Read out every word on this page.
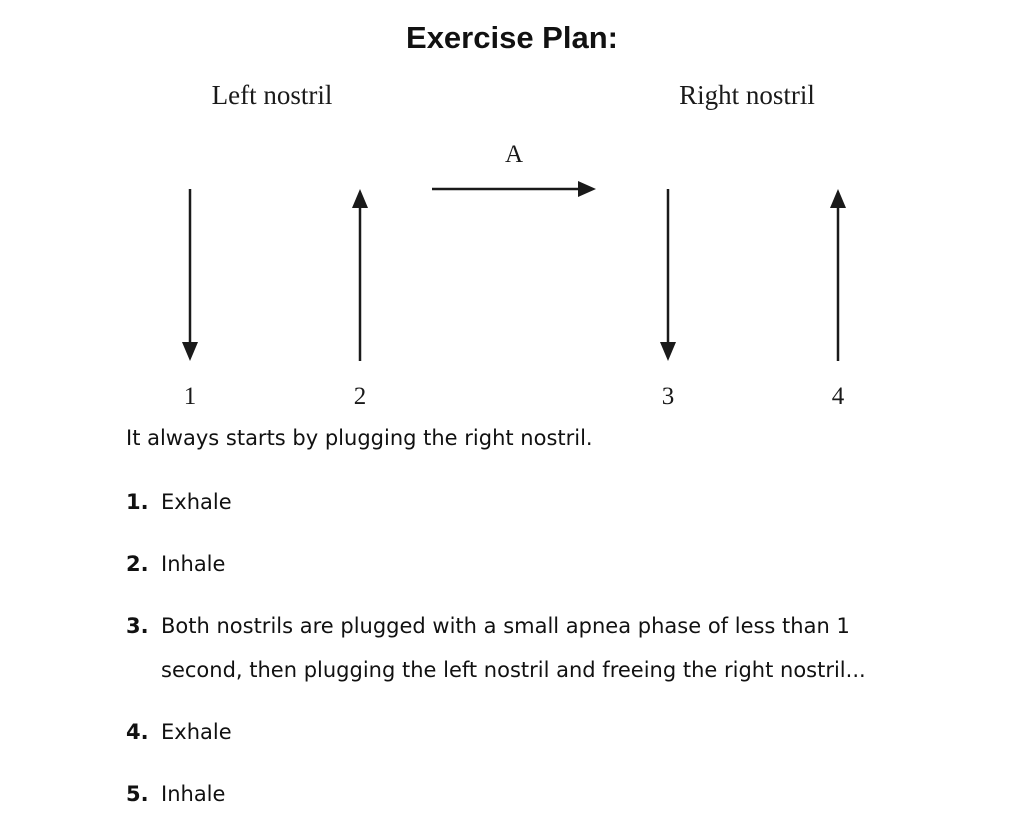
Exercise Plan:
Left nostril	Right nostril
A
1	2	3	4

It always starts by plugging the right nostril.

1. Exhale
2. Inhale
3. Both nostrils are plugged with a small apnea phase of less than 1 second, then plugging the left nostril and freeing the right nostril...
4. Exhale
5. Inhale
